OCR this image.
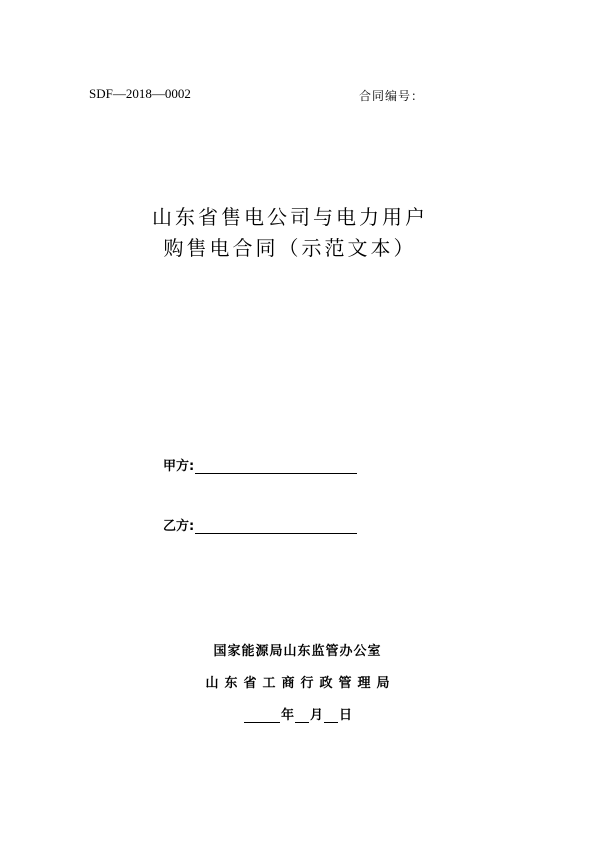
SDF—2018—0002	合同编号：
山东省售电公司与电力用户
购售电合同（示范文本）
甲方:
乙方:
国家能源局山东监管办公室
山东省工商行政管理局
年 月 日
